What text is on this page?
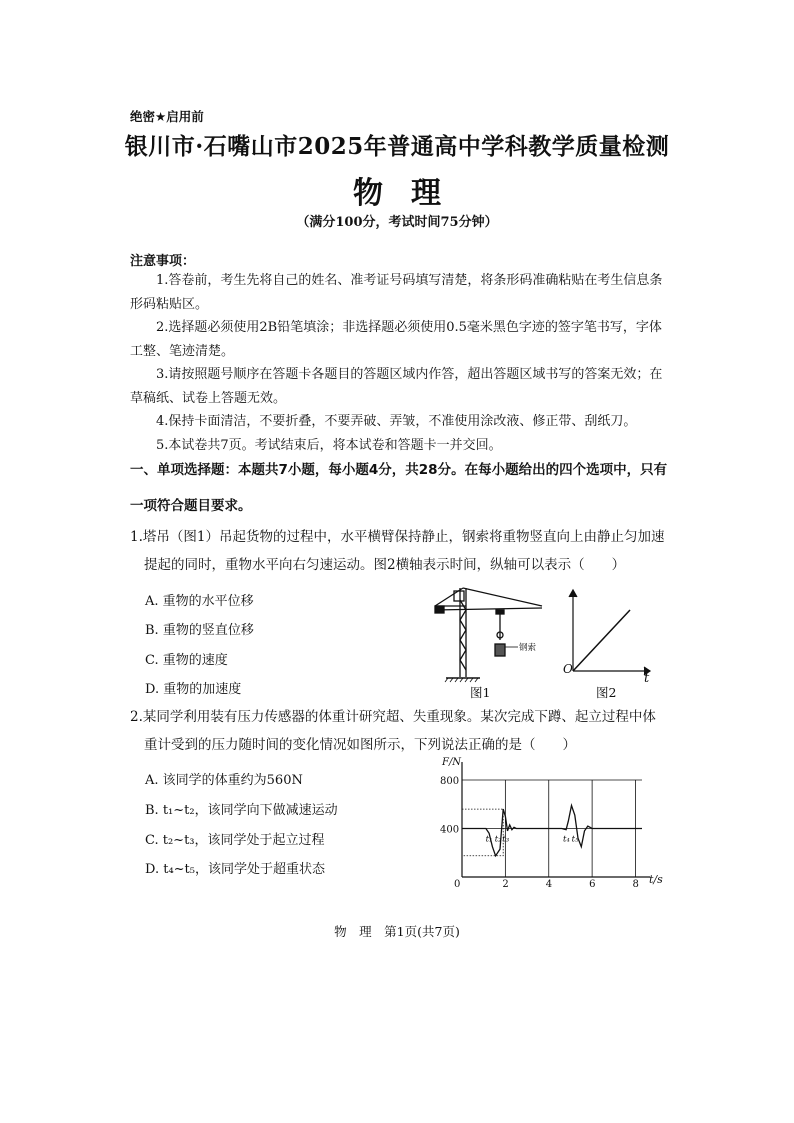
绝密★启用前
银川市·石嘴山市2025年普通高中学科教学质量检测
物理
（满分100分，考试时间75分钟）
注意事项：

1.答卷前，考生先将自己的姓名、准考证号码填写清楚，将条形码准确粘贴在考生信息条形码粘贴区。

2.选择题必须使用2B铅笔填涂；非选择题必须使用0.5毫米黑色字迹的签字笔书写，字体工整、笔迹清楚。

3.请按照题号顺序在答题卡各题目的答题区域内作答，超出答题区域书写的答案无效；在草稿纸、试卷上答题无效。

4.保持卡面清洁，不要折叠，不要弄破、弄皱，不准使用涂改液、修正带、刮纸刀。

5.本试卷共7页。考试结束后，将本试卷和答题卡一并交回。

一、单项选择题：本题共7小题，每小题4分，共28分。在每小题给出的四个选项中，只有一项符合题目要求。
1.塔吊（图1）吊起货物的过程中，水平横臂保持静止，钢索将重物竖直向上由静止匀加速
提起的同时，重物水平向右匀速运动。图2横轴表示时间，纵轴可以表示（　　）
A. 重物的水平位移
B. 重物的竖直位移
C. 重物的速度
D. 重物的加速度
钢索
图1
O
t
图2
2.某同学利用装有压力传感器的体重计研究超、失重现象。某次完成下蹲、起立过程中体
重计受到的压力随时间的变化情况如图所示，下列说法正确的是（　　）
A. 该同学的体重约为560N
B. t₁~t₂，该同学向下做减速运动
C. t₂~t₃，该同学处于起立过程
D. t₄~t₅，该同学处于超重状态
0	2	4	6	8
400
800
t₁ t₂ t₃	t₄ t₅
F/N
t/s
物　理　第1页(共7页)
